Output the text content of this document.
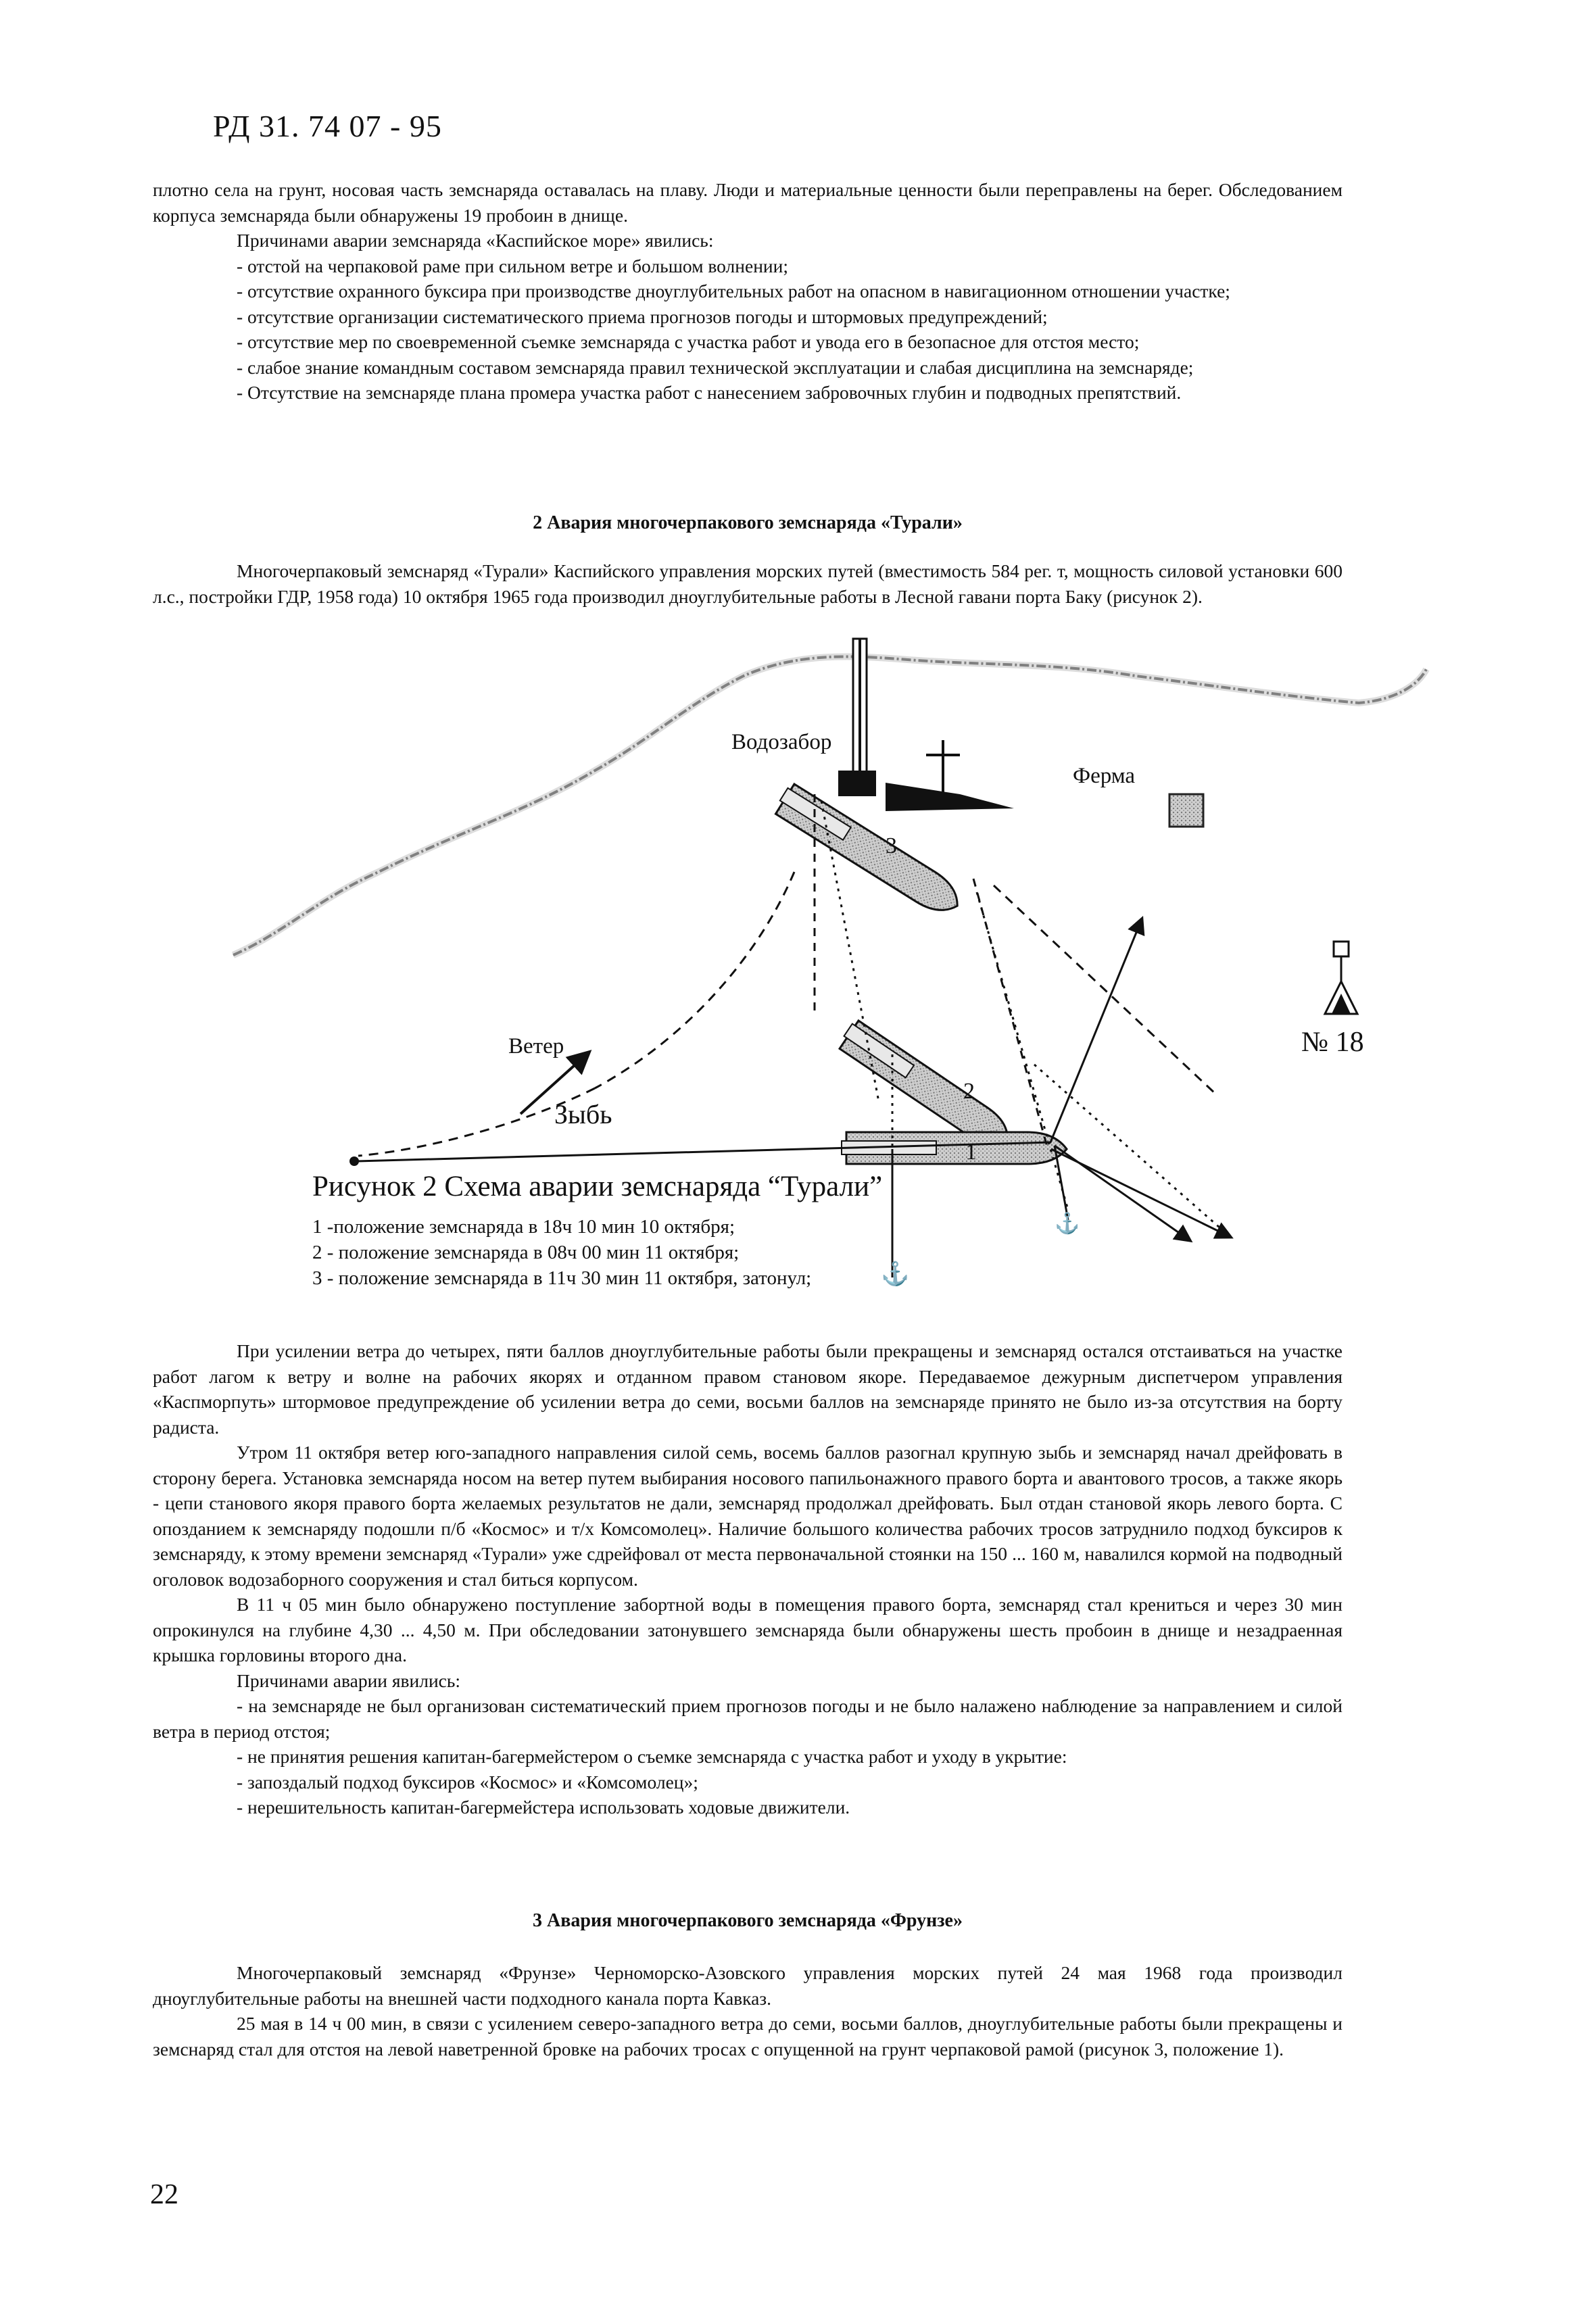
РД 31. 74 07 - 95

плотно села на грунт, носовая часть земснаряда оставалась на плаву. Люди и материальные ценности были переправлены на берег. Обследованием корпуса земснаряда были обнаружены 19 пробоин в днище.

Причинами аварии земснаряда «Каспийское море» явились:

- отстой на черпаковой раме при сильном ветре и большом волнении;

- отсутствие охранного буксира при производстве дноуглубительных работ на опасном в навигационном отношении участке;

- отсутствие организации систематического приема прогнозов погоды и штормовых предупреждений;

- отсутствие мер по своевременной съемке земснаряда с участка работ и увода его в безопасное для отстоя место;

- слабое знание командным составом земснаряда правил технической эксплуатации и слабая дисциплина на земснаряде;

- Отсутствие на земснаряде плана промера участка работ с нанесением забровочных глубин и подводных препятствий.

2 Авария многочерпакового земснаряда «Турали»

Многочерпаковый земснаряд «Турали» Каспийского управления морских путей (вместимость 584 рег. т, мощность силовой установки 600 л.с., постройки ГДР, 1958 года) 10 октября 1965 года производил дноуглубительные работы в Лесной гавани порта Баку (рисунок 2).

⚓
⚓
Водозабор
Ферма
Ветер
Зыбь
№ 18
1
2
3
Рисунок 2 Схема аварии земснаряда “Турали”
1 -положение земснаряда в 18ч 10 мин 10 октября;
2 - положение земснаряда в 08ч 00 мин 11 октября;
3 - положение земснаряда в 11ч 30 мин 11 октября, затонул;

При усилении ветра до четырех, пяти баллов дноуглубительные работы были прекращены и земснаряд остался отстаиваться на участке работ лагом к ветру и волне на рабочих якорях и отданном правом становом якоре. Передаваемое дежурным диспетчером управления «Каспморпуть» штормовое предупреждение об усилении ветра до семи, восьми баллов на земснаряде принято не было из-за отсутствия на борту радиста.

Утром 11 октября ветер юго-западного направления силой семь, восемь баллов разогнал крупную зыбь и земснаряд начал дрейфовать в сторону берега. Установка земснаряда носом на ветер путем выбирания носового папильонажного правого борта и авантового тросов, а также якорь - цепи станового якоря правого борта желаемых результатов не дали, земснаряд продолжал дрейфовать. Был отдан становой якорь левого борта. С опозданием к земснаряду подошли п/б «Космос» и т/х Комсомолец». Наличие большого количества рабочих тросов затруднило подход буксиров к земснаряду, к этому времени земснаряд «Турали» уже сдрейфовал от места первоначальной стоянки на 150 ... 160 м, навалился кормой на подводный оголовок водозаборного сооружения и стал биться корпусом.

В 11 ч 05 мин было обнаружено поступление забортной воды в помещения правого борта, земснаряд стал крениться и через 30 мин опрокинулся на глубине 4,30 ... 4,50 м. При обследовании затонувшего земснаряда были обнаружены шесть пробоин в днище и незадраенная крышка горловины второго дна.

Причинами аварии явились:

- на земснаряде не был организован систематический прием прогнозов погоды и не было налажено наблюдение за направлением и силой ветра в период отстоя;

- не принятия решения капитан-багермейстером о съемке земснаряда с участка работ и уходу в укрытие:

- запоздалый подход буксиров «Космос» и «Комсомолец»;

- нерешительность капитан-багермейстера использовать ходовые движители.

3 Авария многочерпакового земснаряда «Фрунзе»

Многочерпаковый земснаряд «Фрунзе» Черноморско-Азовского управления морских путей 24 мая 1968 года производил дноуглубительные работы на внешней части подходного канала порта Кавказ.

25 мая в 14 ч 00 мин, в связи с усилением северо-западного ветра до семи, восьми баллов, дноуглубительные работы были прекращены и земснаряд стал для отстоя на левой наветренной бровке на рабочих тросах с опущенной на грунт черпаковой рамой (рисунок 3, положение 1).

22
